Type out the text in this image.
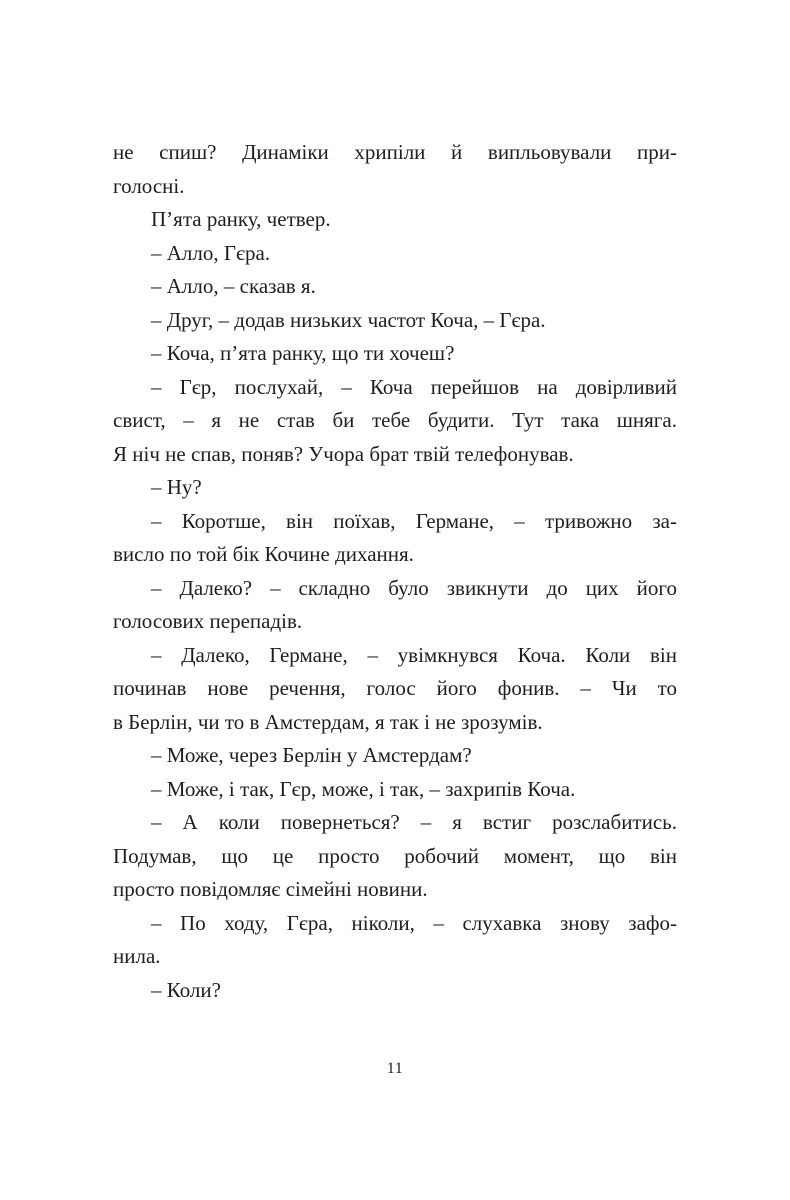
не спиш? Динаміки хрипіли й випльовували при-
голосні.

П’ята ранку, четвер.

– Алло, Гєра.

– Алло, – сказав я.

– Друг, – додав низьких частот Коча, – Гєра.

– Коча, п’ята ранку, що ти хочеш?

– Гєр, послухай, – Коча перейшов на довірливий
свист, – я не став би тебе будити. Тут така шняга.
Я ніч не спав, поняв? Учора брат твій телефонував.

– Ну?

– Коротше, він поїхав, Германе, – тривожно за-
висло по той бік Кочине дихання.

– Далеко? – складно було звикнути до цих його
голосових перепадів.

– Далеко, Германе, – увімкнувся Коча. Коли він
починав нове речення, голос його фонив. – Чи то
в Берлін, чи то в Амстердам, я так і не зрозумів.

– Може, через Берлін у Амстердам?

– Може, і так, Гєр, може, і так, – захрипів Коча.

– А коли повернеться? – я встиг розслабитись.
Подумав, що це просто робочий момент, що він
просто повідомляє сімейні новини.

– По ходу, Гєра, ніколи, – слухавка знову зафо-
нила.

– Коли?

11
